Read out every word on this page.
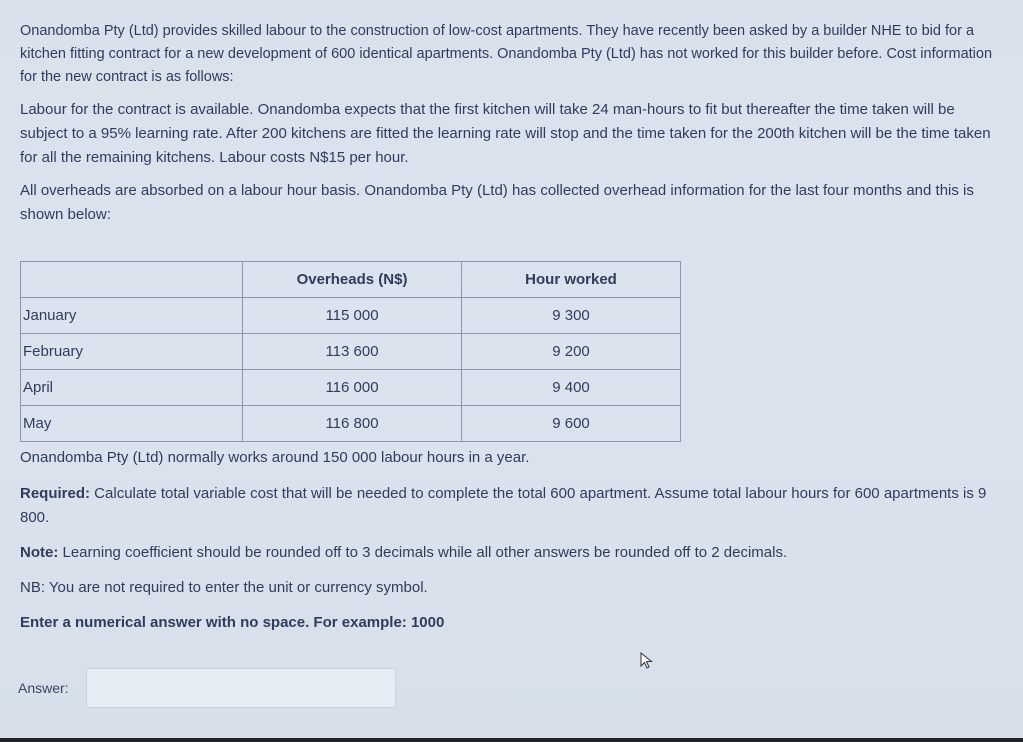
Onandomba Pty (Ltd) provides skilled labour to the construction of low-cost apartments. They have recently been asked by a builder NHE to bid for a kitchen fitting contract for a new development of 600 identical apartments. Onandomba Pty (Ltd) has not worked for this builder before. Cost information for the new contract is as follows:

Labour for the contract is available. Onandomba expects that the first kitchen will take 24 man-hours to fit but thereafter the time taken will be subject to a 95% learning rate. After 200 kitchens are fitted the learning rate will stop and the time taken for the 200th kitchen will be the time taken for all the remaining kitchens. Labour costs N$15 per hour.

All overheads are absorbed on a labour hour basis. Onandomba Pty (Ltd) has collected overhead information for the last four months and this is shown below:

	Overheads (N$)	Hour worked
January	115 000	9 300
February	113 600	9 200
April	116 000	9 400
May	116 800	9 600

Onandomba Pty (Ltd) normally works around 150 000 labour hours in a year.

Required: Calculate total variable cost that will be needed to complete the total 600 apartment. Assume total labour hours for 600 apartments is 9 800.

Note: Learning coefficient should be rounded off to 3 decimals while all other answers be rounded off to 2 decimals.

NB: You are not required to enter the unit or currency symbol.

Enter a numerical answer with no space. For example: 1000

Answer:
